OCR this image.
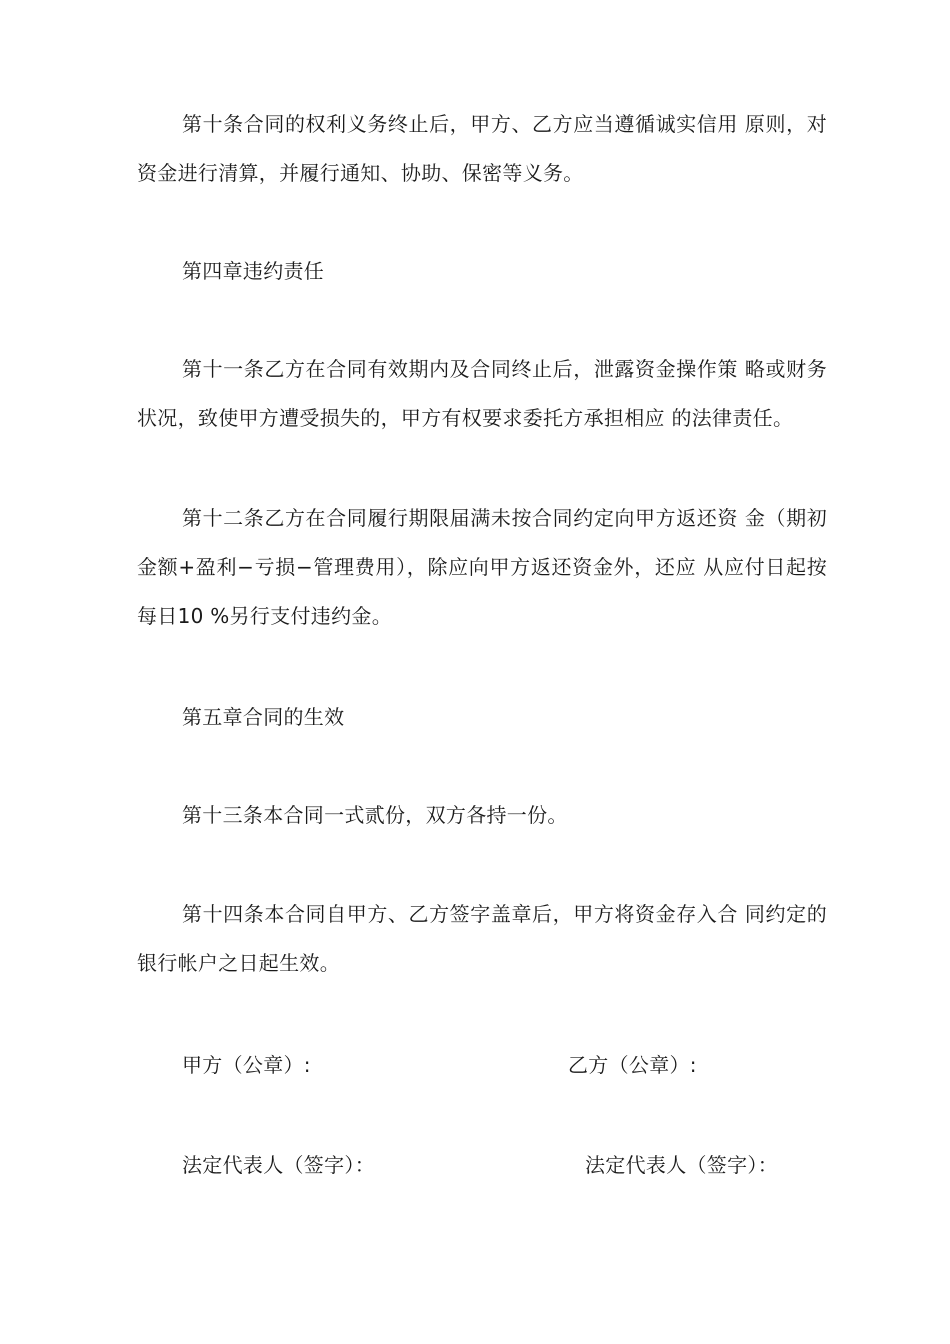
第十条合同的权利义务终止后，甲方、乙方应当遵循诚实信用 原则，对资金进行清算，并履行通知、协助、保密等义务。

第四章违约责任

第十一条乙方在合同有效期内及合同终止后，泄露资金操作策 略或财务状况，致使甲方遭受损失的，甲方有权要求委托方承担相应 的法律责任。

第十二条乙方在合同履行期限届满未按合同约定向甲方返还资 金（期初金额+盈利−亏损−管理费用），除应向甲方返还资金外，还应 从应付日起按每日10 %另行支付违约金。

第五章合同的生效

第十三条本合同一式贰份，双方各持一份。

第十四条本合同自甲方、乙方签字盖章后，甲方将资金存入合 同约定的银行帐户之日起生效。

甲方（公章）:	乙方（公章）:

法定代表人（签字）：	法定代表人（签字）：
